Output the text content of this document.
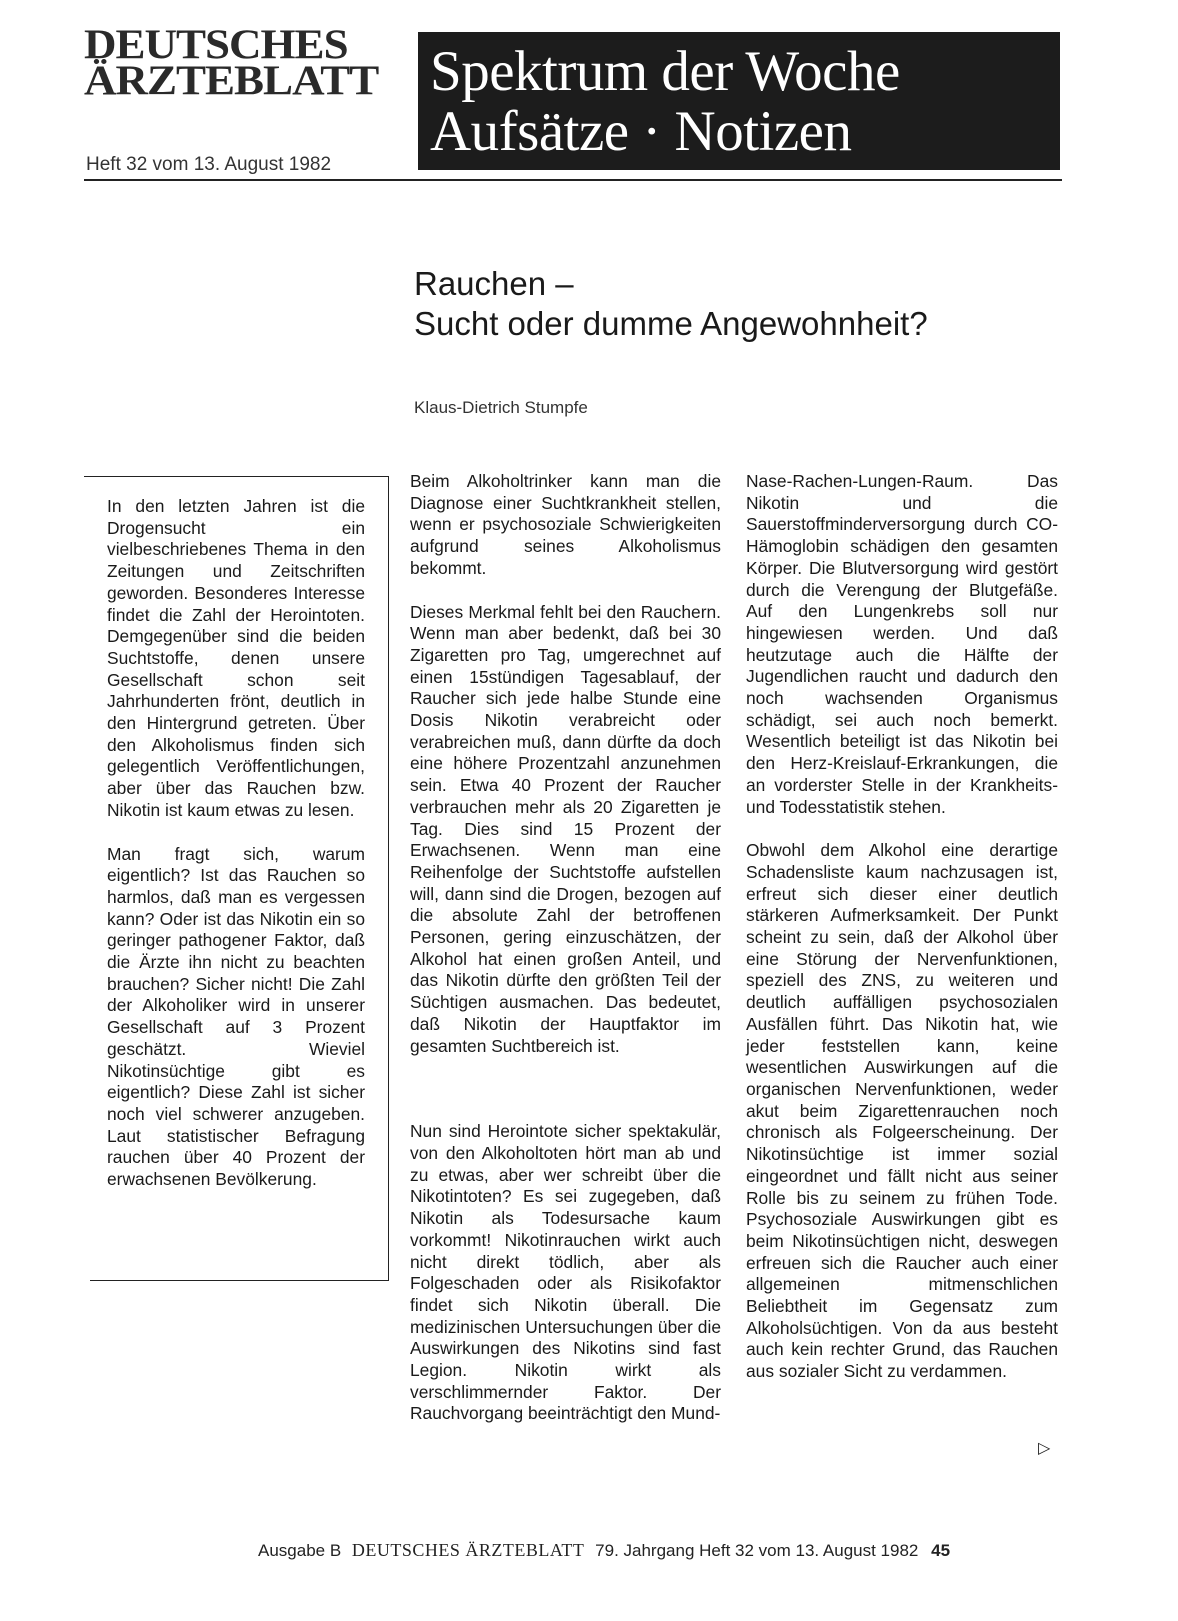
DEUTSCHES
ÄRZTEBLATT
Heft 32 vom 13. August 1982
Spektrum der Woche
Aufsätze · Notizen
Rauchen –
Sucht oder dumme Angewohnheit?
Klaus-Dietrich Stumpfe

In den letzten Jahren ist die Drogensucht ein vielbeschriebenes Thema in den Zeitungen und Zeitschriften geworden. Besonderes Interesse findet die Zahl der Herointoten. Demgegenüber sind die beiden Suchtstoffe, denen unsere Gesellschaft schon seit Jahrhunderten frönt, deutlich in den Hintergrund getreten. Über den Alkoholismus finden sich gelegentlich Veröffentlichungen, aber über das Rauchen bzw. Nikotin ist kaum etwas zu lesen.

Man fragt sich, warum eigentlich? Ist das Rauchen so harmlos, daß man es vergessen kann? Oder ist das Nikotin ein so geringer pathogener Faktor, daß die Ärzte ihn nicht zu beachten brauchen? Sicher nicht! Die Zahl der Alkoholiker wird in unserer Gesellschaft auf 3 Prozent geschätzt. Wieviel Nikotinsüchtige gibt es eigentlich? Diese Zahl ist sicher noch viel schwerer anzugeben. Laut statistischer Befragung rauchen über 40 Prozent der erwachsenen Bevölkerung.

Beim Alkoholtrinker kann man die Diagnose einer Suchtkrankheit stellen, wenn er psychosoziale Schwierigkeiten aufgrund seines Alkoholismus bekommt.

Dieses Merkmal fehlt bei den Rauchern. Wenn man aber bedenkt, daß bei 30 Zigaretten pro Tag, umgerechnet auf einen 15stündigen Tagesablauf, der Raucher sich jede halbe Stunde eine Dosis Nikotin verabreicht oder verabreichen muß, dann dürfte da doch eine höhere Prozentzahl anzunehmen sein. Etwa 40 Prozent der Raucher verbrauchen mehr als 20 Zigaretten je Tag. Dies sind 15 Prozent der Erwachsenen. Wenn man eine Reihenfolge der Suchtstoffe aufstellen will, dann sind die Drogen, bezogen auf die absolute Zahl der betroffenen Personen, gering einzuschätzen, der Alkohol hat einen großen Anteil, und das Nikotin dürfte den größten Teil der Süchtigen ausmachen. Das bedeutet, daß Nikotin der Hauptfaktor im gesamten Suchtbereich ist.

Nun sind Herointote sicher spektakulär, von den Alkoholtoten hört man ab und zu etwas, aber wer schreibt über die Nikotintoten? Es sei zugegeben, daß Nikotin als Todesursache kaum vorkommt! Nikotinrauchen wirkt auch nicht direkt tödlich, aber als Folgeschaden oder als Risikofaktor findet sich Nikotin überall. Die medizinischen Untersuchungen über die Auswirkungen des Nikotins sind fast Legion. Nikotin wirkt als verschlimmernder Faktor. Der Rauchvorgang beeinträchtigt den Mund-

Nase-Rachen-Lungen-Raum. Das Nikotin und die Sauerstoffminderversorgung durch CO-Hämoglobin schädigen den gesamten Körper. Die Blutversorgung wird gestört durch die Verengung der Blutgefäße. Auf den Lungenkrebs soll nur hingewiesen werden. Und daß heutzutage auch die Hälfte der Jugendlichen raucht und dadurch den noch wachsenden Organismus schädigt, sei auch noch bemerkt. Wesentlich beteiligt ist das Nikotin bei den Herz-Kreislauf-Erkrankungen, die an vorderster Stelle in der Krankheits- und Todesstatistik stehen.

Obwohl dem Alkohol eine derartige Schadensliste kaum nachzusagen ist, erfreut sich dieser einer deutlich stärkeren Aufmerksamkeit. Der Punkt scheint zu sein, daß der Alkohol über eine Störung der Nervenfunktionen, speziell des ZNS, zu weiteren und deutlich auffälligen psychosozialen Ausfällen führt. Das Nikotin hat, wie jeder feststellen kann, keine wesentlichen Auswirkungen auf die organischen Nervenfunktionen, weder akut beim Zigarettenrauchen noch chronisch als Folgeerscheinung. Der Nikotinsüchtige ist immer sozial eingeordnet und fällt nicht aus seiner Rolle bis zu seinem zu frühen Tode. Psychosoziale Auswirkungen gibt es beim Nikotinsüchtigen nicht, deswegen erfreuen sich die Raucher auch einer allgemeinen mitmenschlichen Beliebtheit im Gegensatz zum Alkoholsüchtigen. Von da aus besteht auch kein rechter Grund, das Rauchen aus sozialer Sicht zu verdammen.

▷
Ausgabe B DEUTSCHES ÄRZTEBLATT 79. Jahrgang Heft 32 vom 13. August 1982 45
